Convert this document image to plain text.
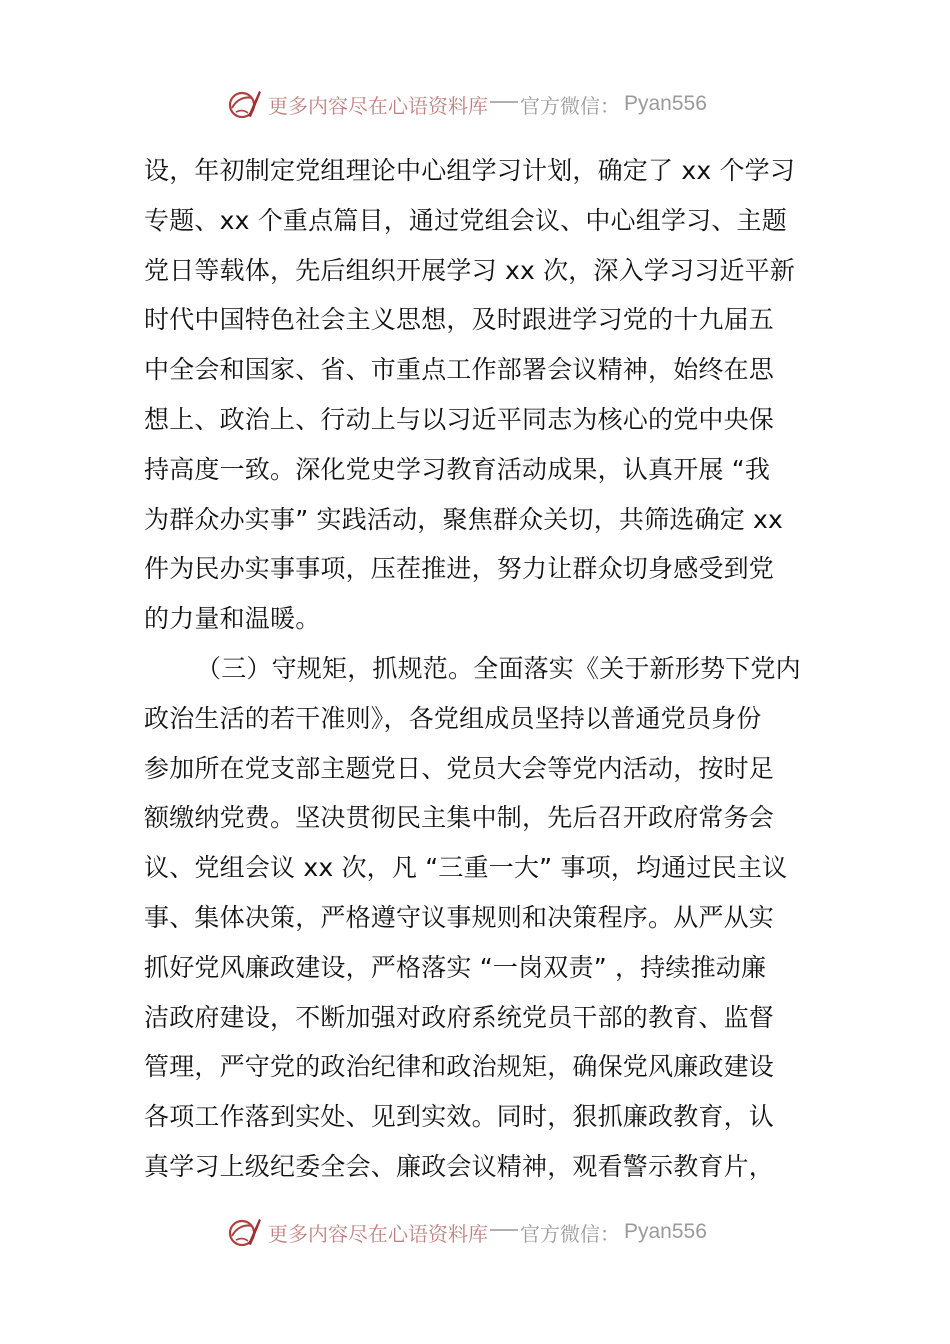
更多内容尽在心语资料库 官方微信： Pyan556
设，年初制定党组理论中心组学习计划，确定了 xx 个学习
专题、xx 个重点篇目，通过党组会议、中心组学习、主题
党日等载体，先后组织开展学习 xx 次，深入学习习近平新
时代中国特色社会主义思想，及时跟进学习党的十九届五
中全会和国家、省、市重点工作部署会议精神，始终在思
想上、政治上、行动上与以习近平同志为核心的党中央保
持高度一致。深化党史学习教育活动成果，认真开展 “我
为群众办实事” 实践活动，聚焦群众关切，共筛选确定 xx
件为民办实事事项，压茬推进，努力让群众切身感受到党
的力量和温暖。
（三）守规矩，抓规范。全面落实《关于新形势下党内
政治生活的若干准则》，各党组成员坚持以普通党员身份
参加所在党支部主题党日、党员大会等党内活动，按时足
额缴纳党费。坚决贯彻民主集中制，先后召开政府常务会
议、党组会议 xx 次，凡 “三重一大” 事项，均通过民主议
事、集体决策，严格遵守议事规则和决策程序。从严从实
抓好党风廉政建设，严格落实 “一岗双责” ，持续推动廉
洁政府建设，不断加强对政府系统党员干部的教育、监督
管理，严守党的政治纪律和政治规矩，确保党风廉政建设
各项工作落到实处、见到实效。同时，狠抓廉政教育，认
真学习上级纪委全会、廉政会议精神，观看警示教育片，
更多内容尽在心语资料库 官方微信： Pyan556
